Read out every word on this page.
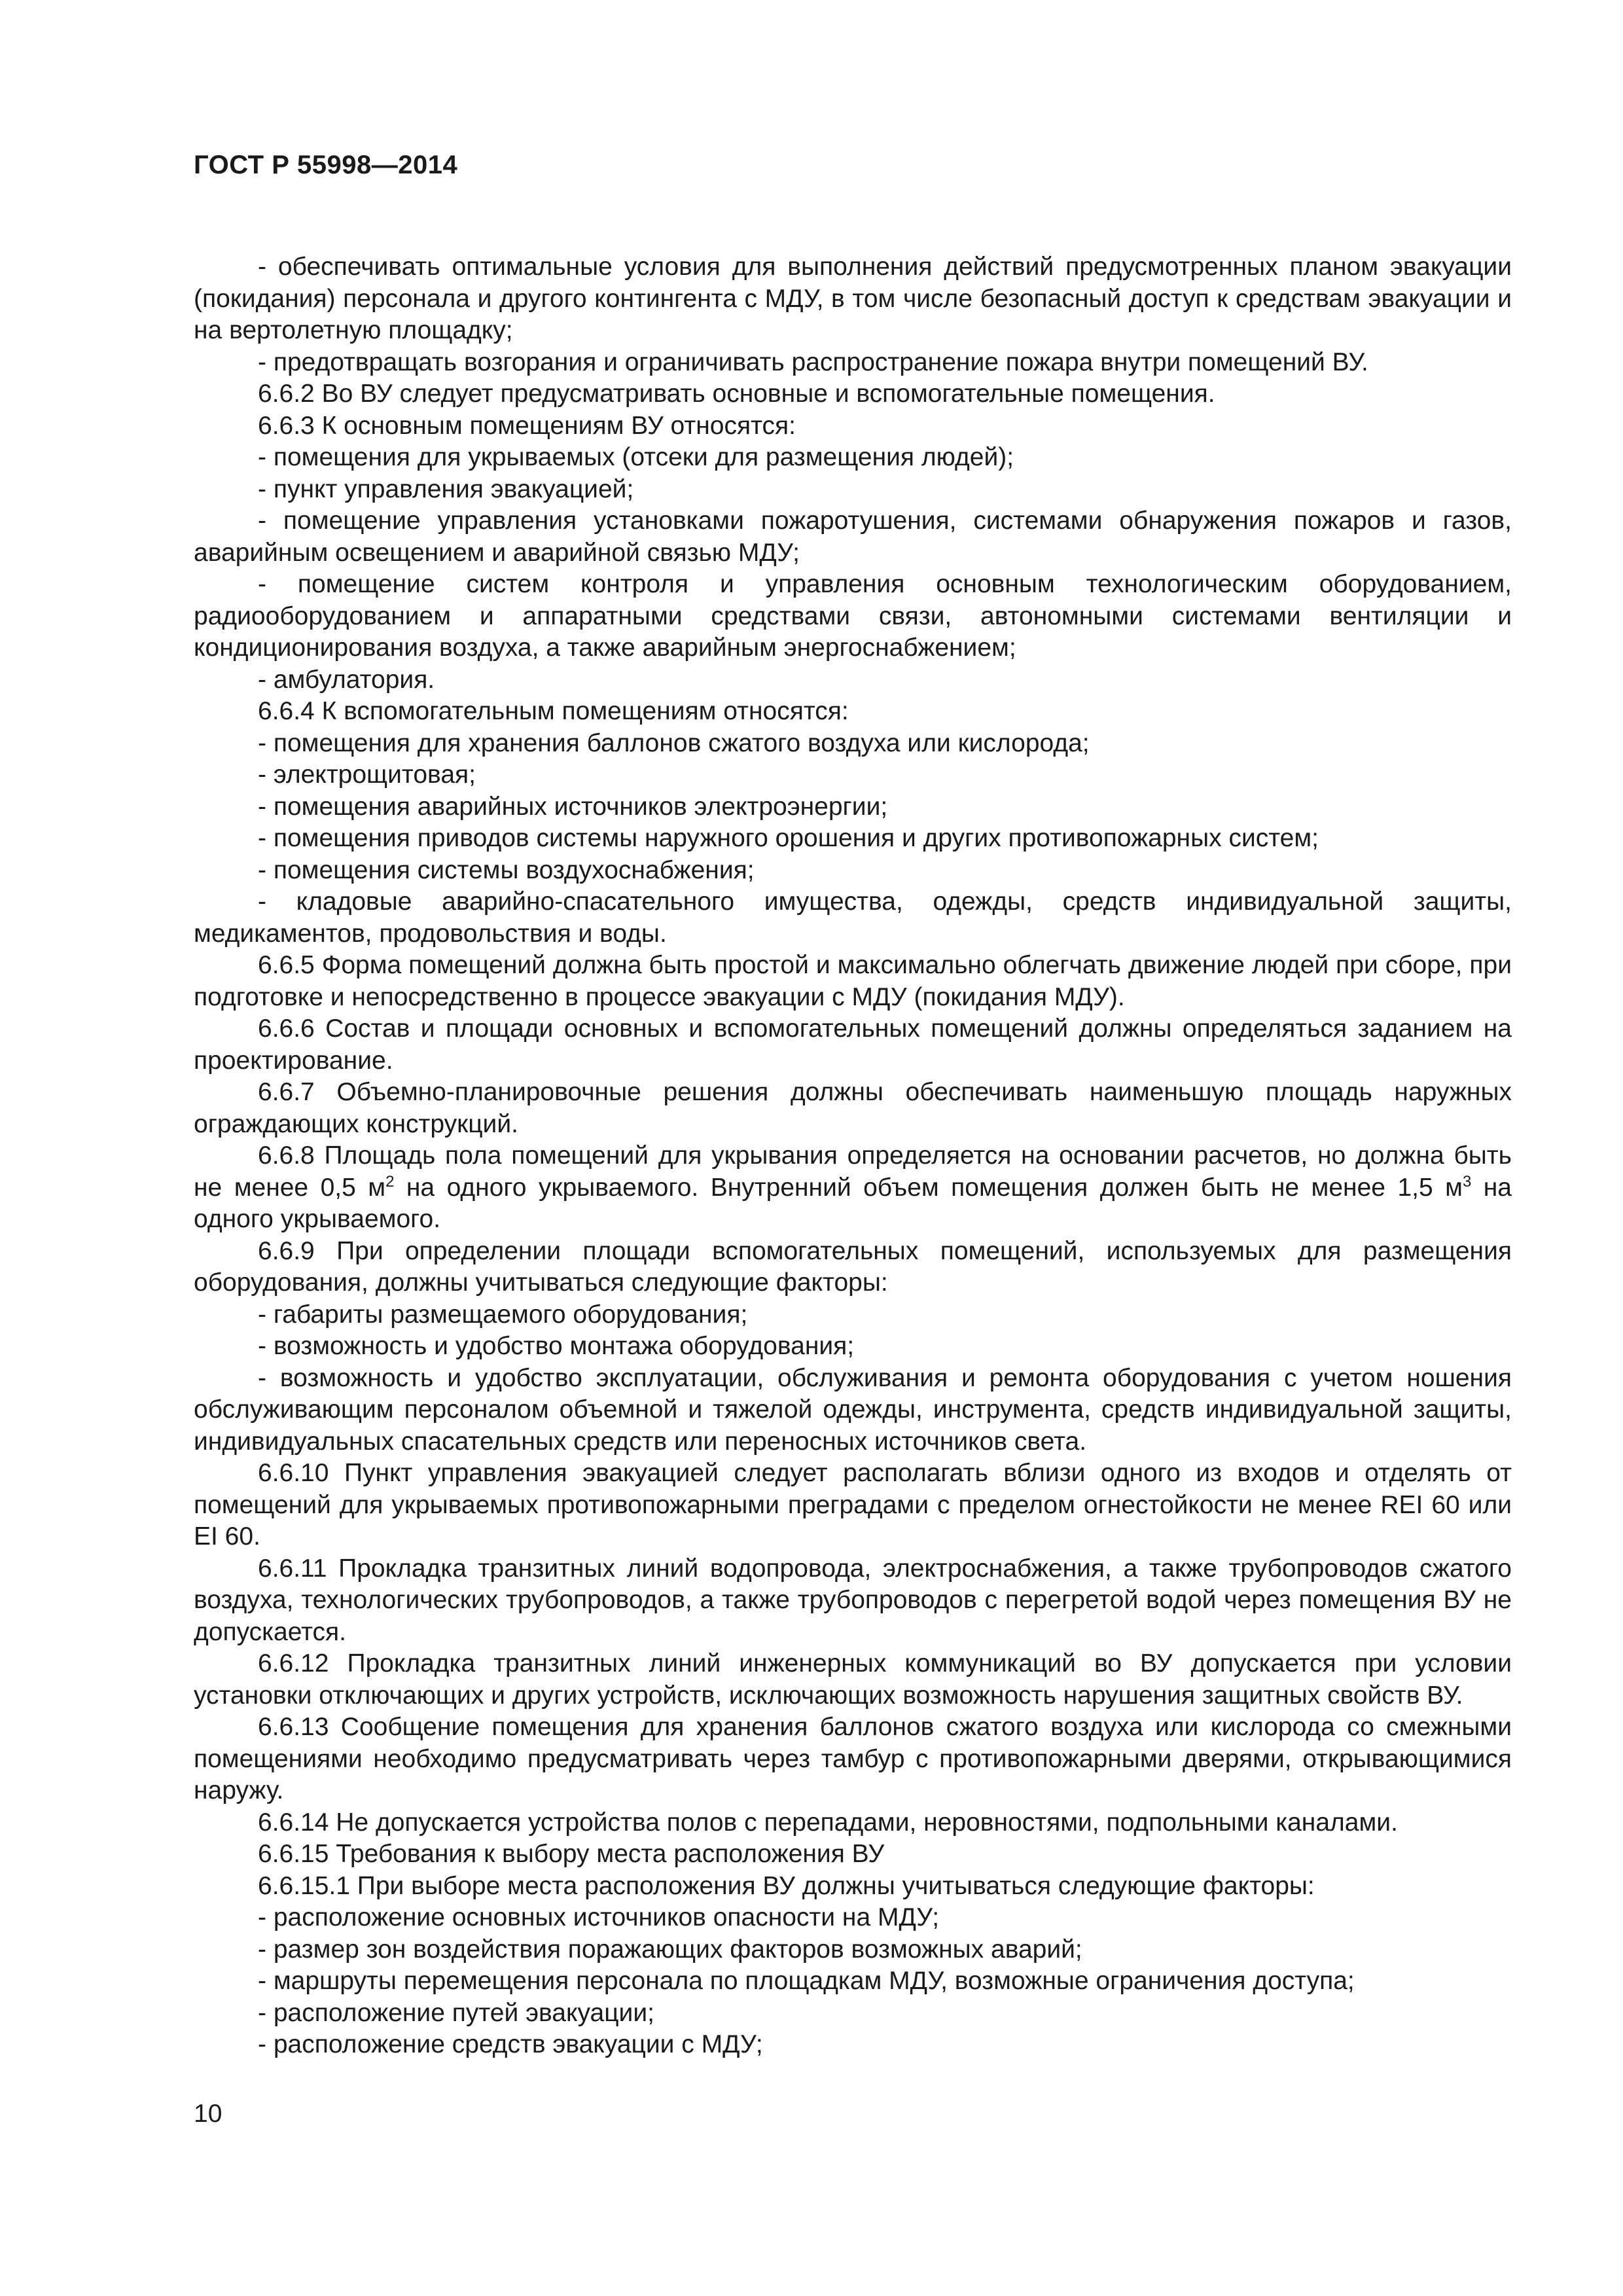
ГОСТ Р 55998—2014

- обеспечивать оптимальные условия для выполнения действий предусмотренных планом эвакуации (покидания) персонала и другого контингента с МДУ, в том числе безопасный доступ к средствам эвакуации и на вертолетную площадку;

- предотвращать возгорания и ограничивать распространение пожара внутри помещений ВУ.

6.6.2 Во ВУ следует предусматривать основные и вспомогательные помещения.

6.6.3 К основным помещениям ВУ относятся:

- помещения для укрываемых (отсеки для размещения людей);

- пункт управления эвакуацией;

- помещение управления установками пожаротушения, системами обнаружения пожаров и газов, аварийным освещением и аварийной связью МДУ;

- помещение систем контроля и управления основным технологическим оборудованием, радиооборудованием и аппаратными средствами связи, автономными системами вентиляции и кондиционирования воздуха, а также аварийным энергоснабжением;

- амбулатория.

6.6.4 К вспомогательным помещениям относятся:

- помещения для хранения баллонов сжатого воздуха или кислорода;

- электрощитовая;

- помещения аварийных источников электроэнергии;

- помещения приводов системы наружного орошения и других противопожарных систем;

- помещения системы воздухоснабжения;

- кладовые аварийно-спасательного имущества, одежды, средств индивидуальной защиты, медикаментов, продовольствия и воды.

6.6.5 Форма помещений должна быть простой и максимально облегчать движение людей при сборе, при подготовке и непосредственно в процессе эвакуации с МДУ (покидания МДУ).

6.6.6 Состав и площади основных и вспомогательных помещений должны определяться заданием на проектирование.

6.6.7 Объемно-планировочные решения должны обеспечивать наименьшую площадь наружных ограждающих конструкций.

6.6.8 Площадь пола помещений для укрывания определяется на основании расчетов, но должна быть не менее 0,5 $м^2$ на одного укрываемого. Внутренний объем помещения должен быть не менее 1,5 $м^3$ на одного укрываемого.

6.6.9 При определении площади вспомогательных помещений, используемых для размещения оборудования, должны учитываться следующие факторы:

- габариты размещаемого оборудования;

- возможность и удобство монтажа оборудования;

- возможность и удобство эксплуатации, обслуживания и ремонта оборудования с учетом ношения обслуживающим персоналом объемной и тяжелой одежды, инструмента, средств индивидуальной защиты, индивидуальных спасательных средств или переносных источников света.

6.6.10 Пункт управления эвакуацией следует располагать вблизи одного из входов и отделять от помещений для укрываемых противопожарными преградами с пределом огнестойкости не менее REI 60 или EI 60.

6.6.11 Прокладка транзитных линий водопровода, электроснабжения, а также трубопроводов сжатого воздуха, технологических трубопроводов, а также трубопроводов с перегретой водой через помещения ВУ не допускается.

6.6.12 Прокладка транзитных линий инженерных коммуникаций во ВУ допускается при условии установки отключающих и других устройств, исключающих возможность нарушения защитных свойств ВУ.

6.6.13 Сообщение помещения для хранения баллонов сжатого воздуха или кислорода со смежными помещениями необходимо предусматривать через тамбур с противопожарными дверями, открывающимися наружу.

6.6.14 Не допускается устройства полов с перепадами, неровностями, подпольными каналами.

6.6.15 Требования к выбору места расположения ВУ

6.6.15.1 При выборе места расположения ВУ должны учитываться следующие факторы:

- расположение основных источников опасности на МДУ;

- размер зон воздействия поражающих факторов возможных аварий;

- маршруты перемещения персонала по площадкам МДУ, возможные ограничения доступа;

- расположение путей эвакуации;

- расположение средств эвакуации с МДУ;

10
